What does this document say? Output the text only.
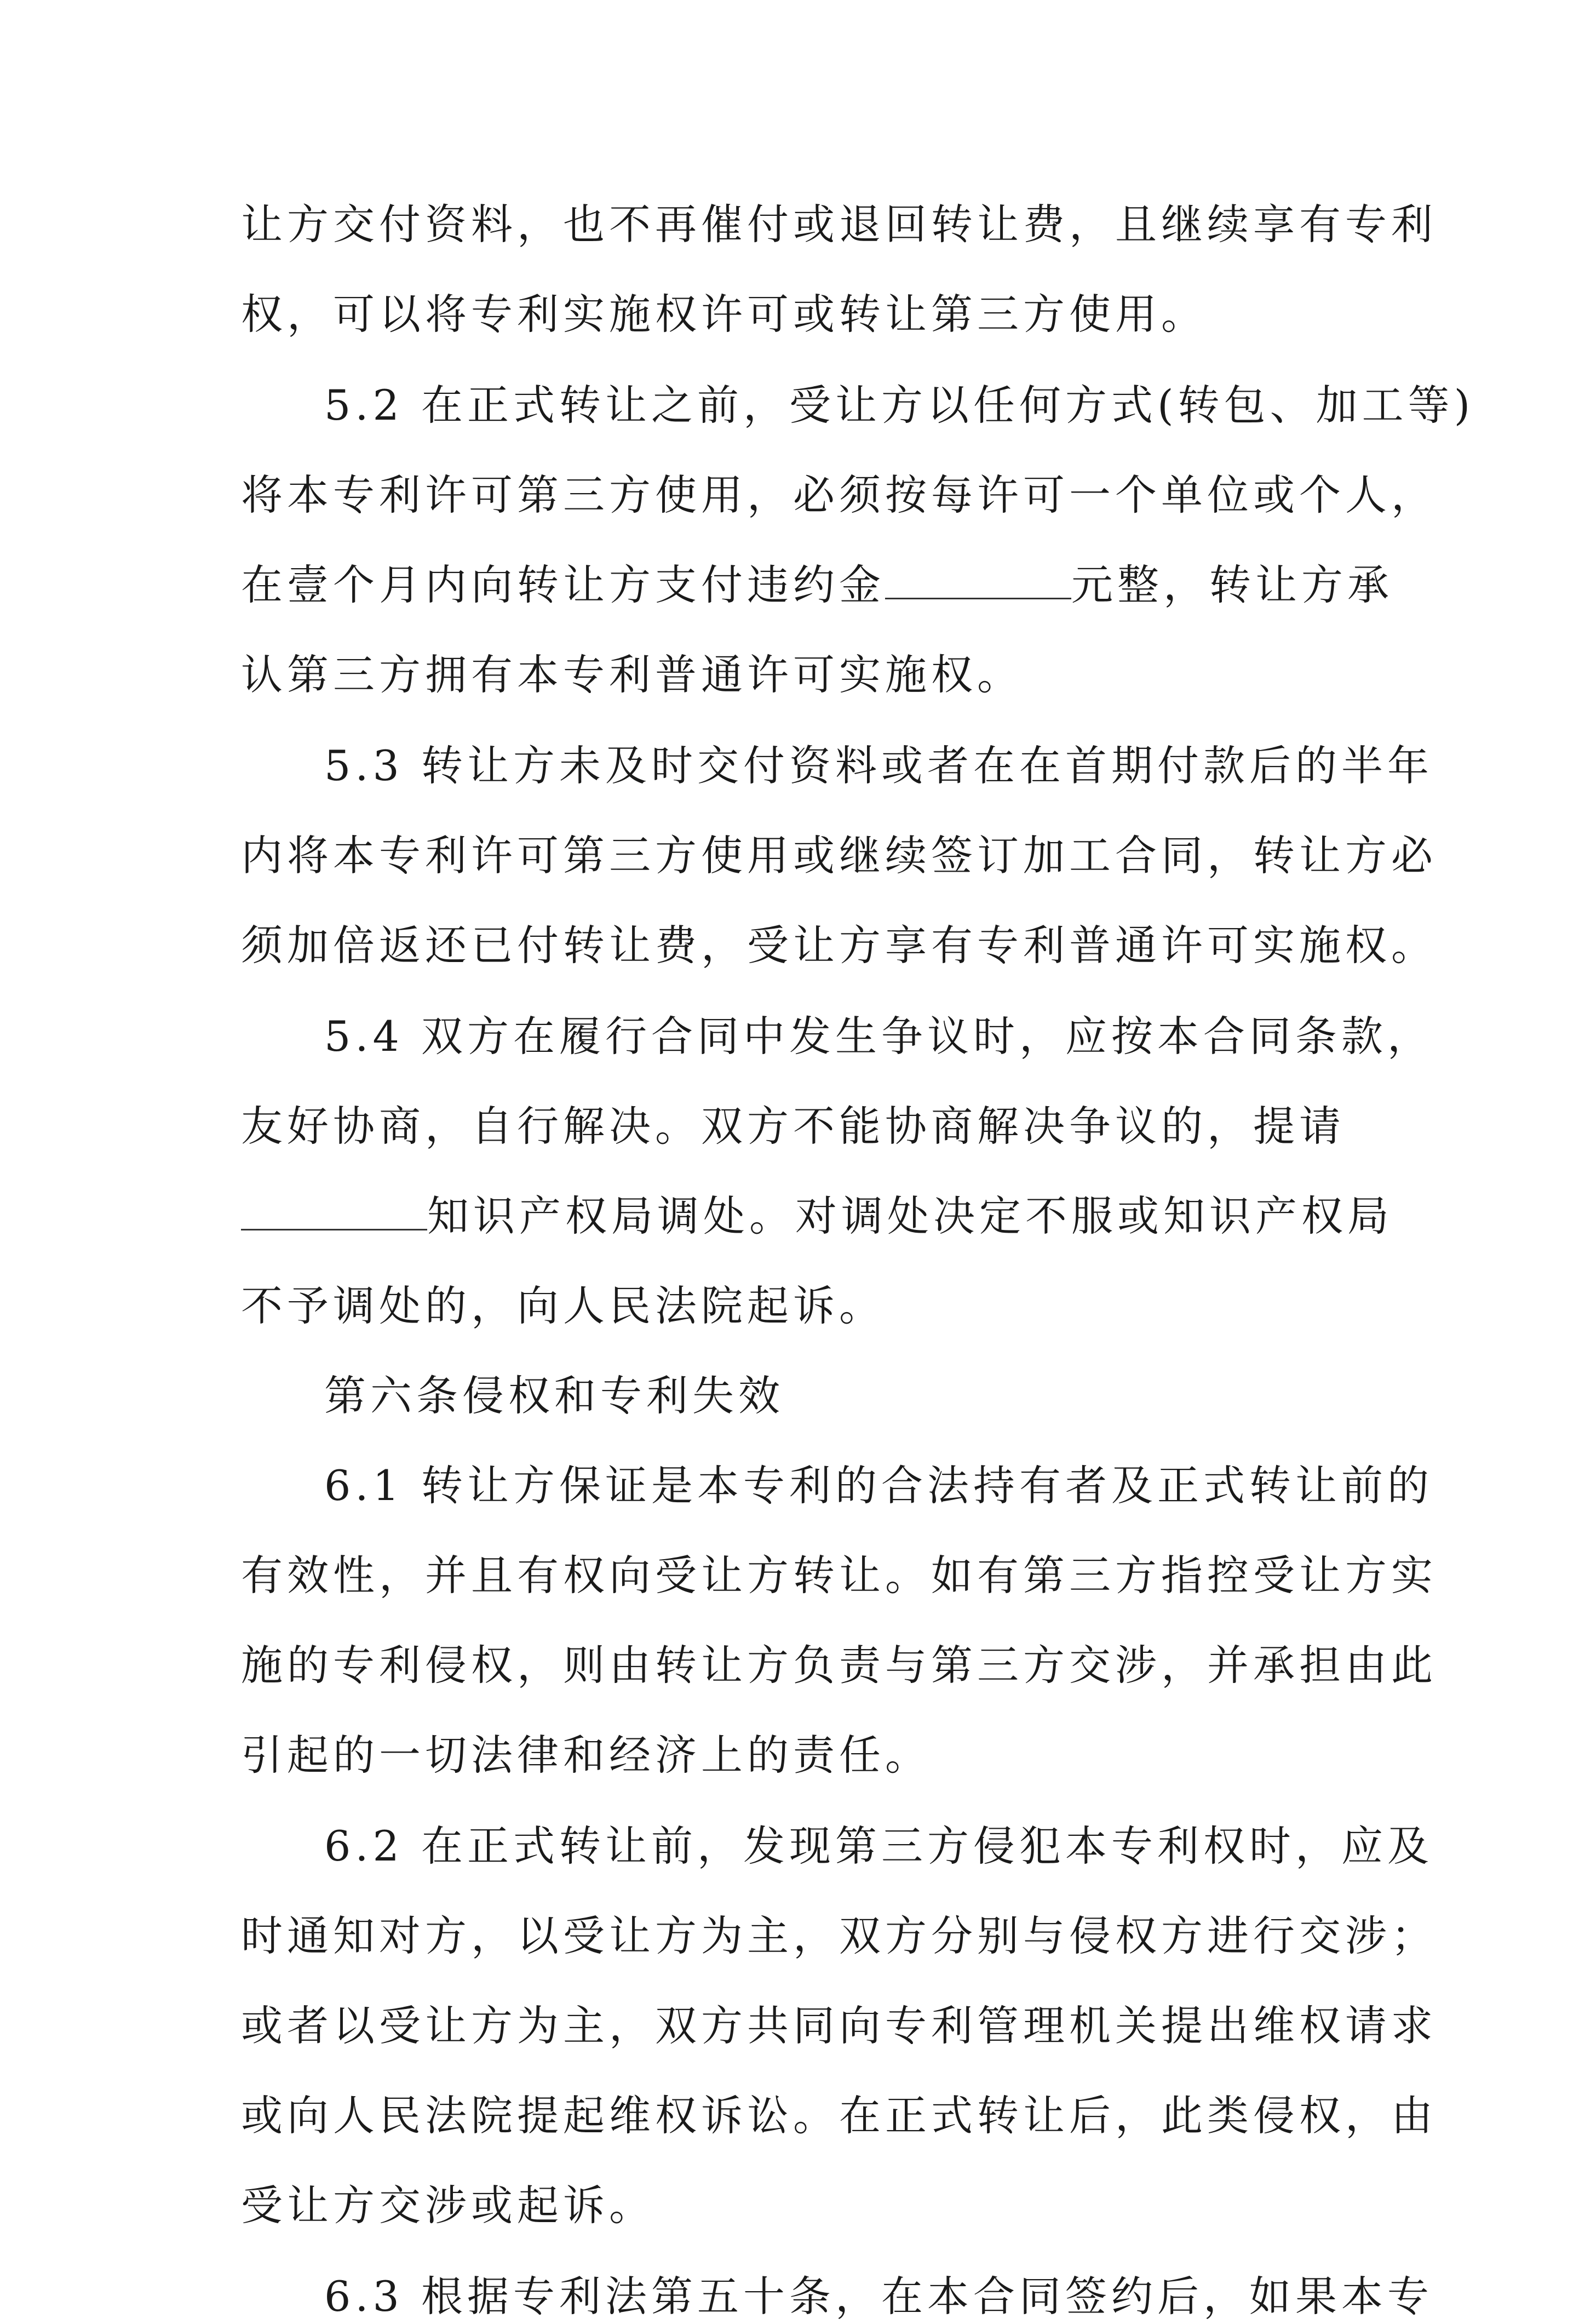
让方交付资料，也不再催付或退回转让费，且继续享有专利
权，可以将专利实施权许可或转让第三方使用。
5.2 在正式转让之前，受让方以任何方式(转包、加工等)
将本专利许可第三方使用，必须按每许可一个单位或个人，
在壹个月内向转让方支付违约金	元整，转让方承
认第三方拥有本专利普通许可实施权。
5.3 转让方未及时交付资料或者在在首期付款后的半年
内将本专利许可第三方使用或继续签订加工合同，转让方必
须加倍返还已付转让费，受让方享有专利普通许可实施权。
5.4 双方在履行合同中发生争议时，应按本合同条款，
友好协商，自行解决。双方不能协商解决争议的，提请
知识产权局调处。对调处决定不服或知识产权局
不予调处的，向人民法院起诉。
第六条侵权和专利失效
6.1 转让方保证是本专利的合法持有者及正式转让前的
有效性，并且有权向受让方转让。如有第三方指控受让方实
施的专利侵权，则由转让方负责与第三方交涉，并承担由此
引起的一切法律和经济上的责任。
6.2 在正式转让前，发现第三方侵犯本专利权时，应及
时通知对方，以受让方为主，双方分别与侵权方进行交涉；
或者以受让方为主，双方共同向专利管理机关提出维权请求
或向人民法院提起维权诉讼。在正式转让后，此类侵权，由
受让方交涉或起诉。
6.3 根据专利法第五十条，在本合同签约后，如果本专
